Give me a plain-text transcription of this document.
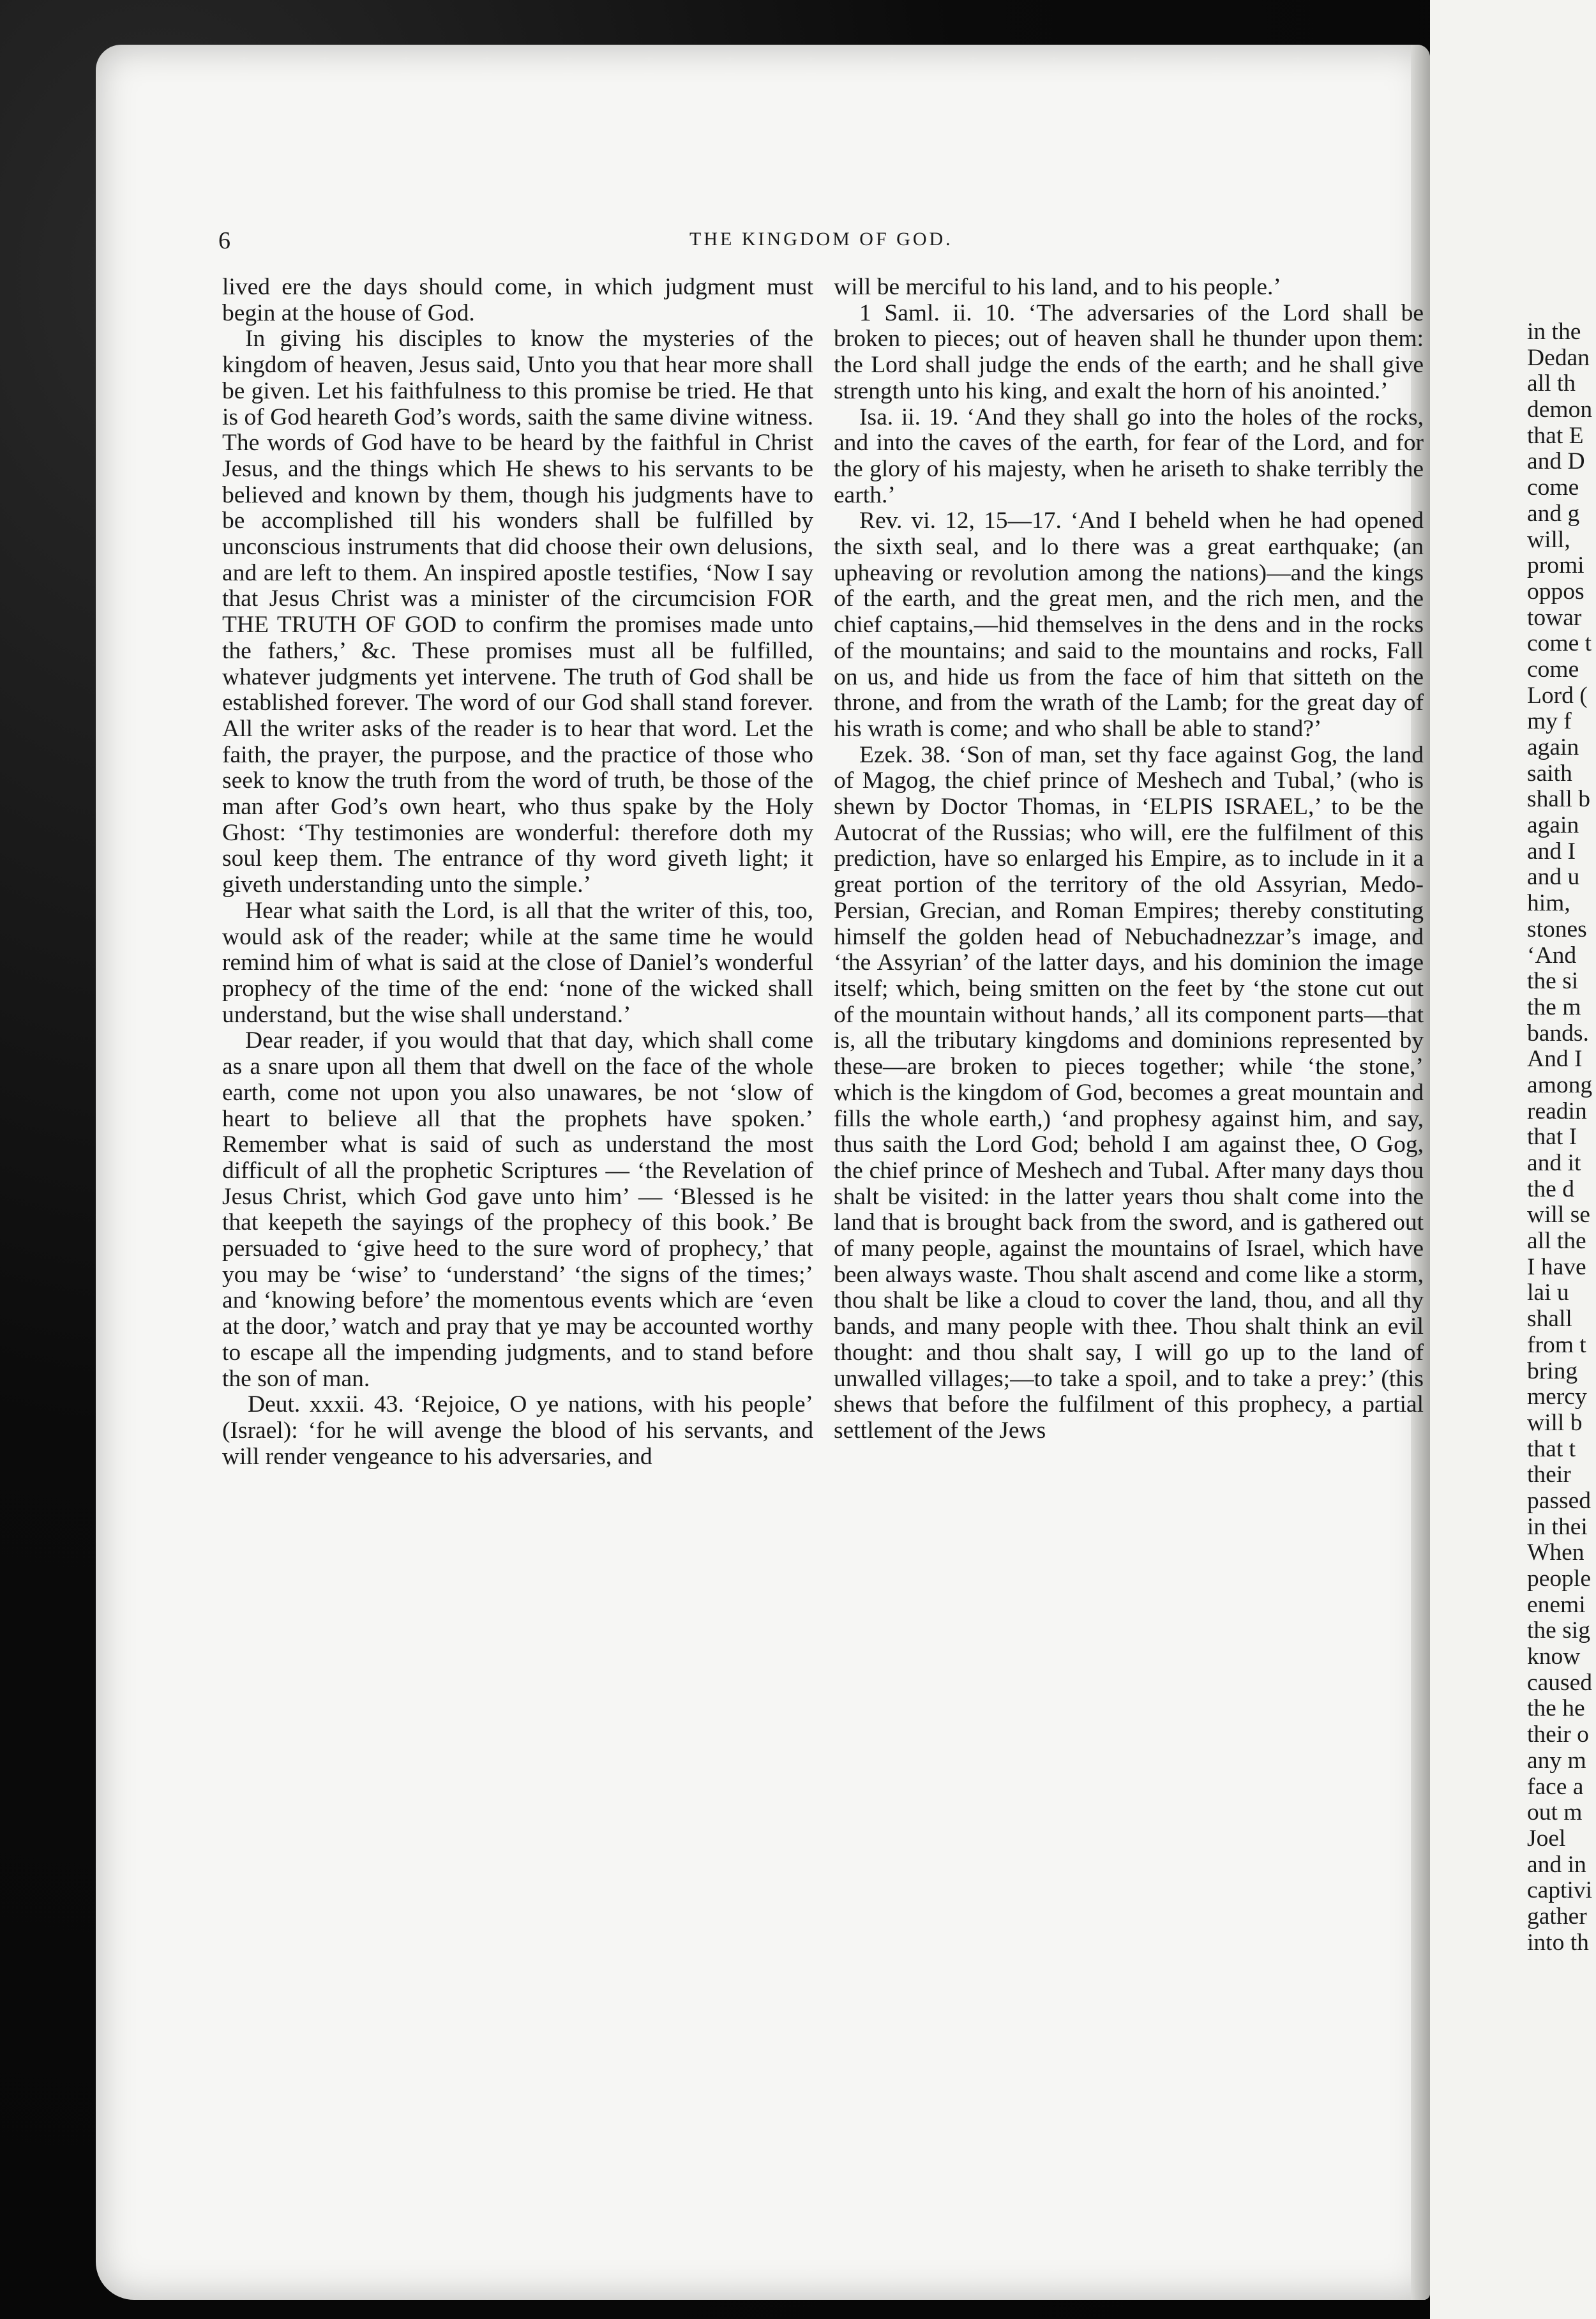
6	THE KINGDOM OF GOD.

lived ere the days should come, in which judgment must begin at the house of God.

In giving his disciples to know the mysteries of the kingdom of heaven, Jesus said, Unto you that hear more shall be given. Let his faithfulness to this promise be tried. He that is of God heareth God’s words, saith the same divine witness. The words of God have to be heard by the faithful in Christ Jesus, and the things which He shews to his servants to be believed and known by them, though his judgments have to be accomplished till his wonders shall be fulfilled by unconscious instruments that did choose their own delusions, and are left to them. An inspired apostle testifies, ‘Now I say that Jesus Christ was a minister of the circumcision FOR THE TRUTH OF GOD to confirm the promises made unto the fathers,’ &c. These promises must all be fulfilled, whatever judgments yet intervene. The truth of God shall be established forever. The word of our God shall stand forever. All the writer asks of the reader is to hear that word. Let the faith, the prayer, the purpose, and the practice of those who seek to know the truth from the word of truth, be those of the man after God’s own heart, who thus spake by the Holy Ghost: ‘Thy testimonies are wonderful: therefore doth my soul keep them. The entrance of thy word giveth light; it giveth understanding unto the simple.’

Hear what saith the Lord, is all that the writer of this, too, would ask of the reader; while at the same time he would remind him of what is said at the close of Daniel’s wonderful prophecy of the time of the end: ‘none of the wicked shall understand, but the wise shall understand.’

Dear reader, if you would that that day, which shall come as a snare upon all them that dwell on the face of the whole earth, come not upon you also unawares, be not ‘slow of heart to believe all that the prophets have spoken.’ Remember what is said of such as understand the most difficult of all the prophetic Scriptures — ‘the Revelation of Jesus Christ, which God gave unto him’ — ‘Blessed is he that keepeth the sayings of the prophecy of this book.’ Be persuaded to ‘give heed to the sure word of prophecy,’ that you may be ‘wise’ to ‘understand’ ‘the signs of the times;’ and ‘knowing before’ the momentous events which are ‘even at the door,’ watch and pray that ye may be accounted worthy to escape all the impending judgments, and to stand before the son of man.

Deut. xxxii. 43. ‘Rejoice, O ye nations, with his people’ (Israel): ‘for he will avenge the blood of his servants, and will render vengeance to his adversaries, and

will be merciful to his land, and to his people.’

1 Saml. ii. 10. ‘The adversaries of the Lord shall be broken to pieces; out of heaven shall he thunder upon them: the Lord shall judge the ends of the earth; and he shall give strength unto his king, and exalt the horn of his anointed.’

Isa. ii. 19. ‘And they shall go into the holes of the rocks, and into the caves of the earth, for fear of the Lord, and for the glory of his majesty, when he ariseth to shake terribly the earth.’

Rev. vi. 12, 15—17. ‘And I beheld when he had opened the sixth seal, and lo there was a great earthquake; (an upheaving or revolution among the nations)—and the kings of the earth, and the great men, and the rich men, and the chief captains,—hid themselves in the dens and in the rocks of the mountains; and said to the mountains and rocks, Fall on us, and hide us from the face of him that sitteth on the throne, and from the wrath of the Lamb; for the great day of his wrath is come; and who shall be able to stand?’

Ezek. 38. ‘Son of man, set thy face against Gog, the land of Magog, the chief prince of Meshech and Tubal,’ (who is shewn by Doctor Thomas, in ‘ELPIS ISRAEL,’ to be the Autocrat of the Russias; who will, ere the fulfilment of this prediction, have so enlarged his Empire, as to include in it a great portion of the territory of the old Assyrian, Medo-Persian, Grecian, and Roman Empires; thereby constituting himself the golden head of Nebuchadnezzar’s image, and ‘the Assyrian’ of the latter days, and his dominion the image itself; which, being smitten on the feet by ‘the stone cut out of the mountain without hands,’ all its component parts—that is, all the tributary kingdoms and dominions represented by these—are broken to pieces together; while ‘the stone,’ which is the kingdom of God, becomes a great mountain and fills the whole earth,) ‘and prophesy against him, and say, thus saith the Lord God; behold I am against thee, O Gog, the chief prince of Meshech and Tubal. After many days thou shalt be visited: in the latter years thou shalt come into the land that is brought back from the sword, and is gathered out of many people, against the mountains of Israel, which have been always waste. Thou shalt ascend and come like a storm, thou shalt be like a cloud to cover the land, thou, and all thy bands, and many people with thee. Thou shalt think an evil thought: and thou shalt say, I will go up to the land of unwalled villages;—to take a spoil, and to take a prey:’ (this shews that before the fulfilment of this prophecy, a partial settlement of the Jews

in the
Dedan
all th
demon
that E
and D
come
and g
will,
promi
oppos
towar
come t
come
Lord (
my f
again
saith
shall b
again
and I
and u
him,
stones
‘And
the si
the m
bands.
And I
among
readin
that I
and it
the d
will se
all the
I have
lai u
shall
from t
bring
mercy
will b
that t
their
passed
in thei
When
people
enemi
the sig
know
caused
the he
their o
any m
face a
out m
Joel
and in
captivi
gather
into th
